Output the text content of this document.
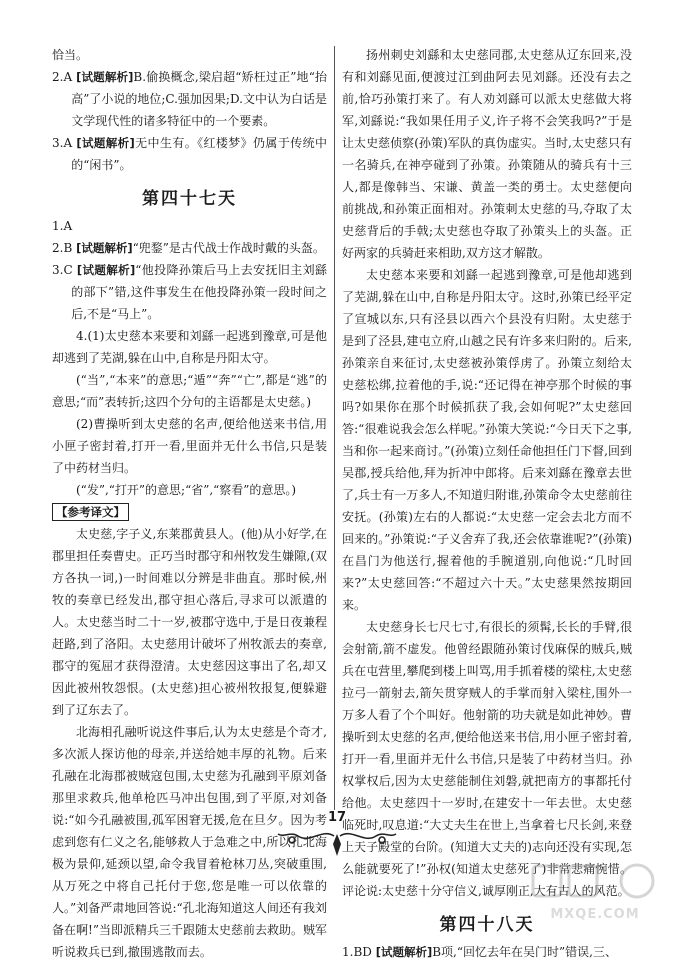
恰当。

2.A [试题解析]B.偷换概念,梁启超“矫枉过正”地“抬高”了小说的地位;C.强加因果;D.文中认为白话是文学现代性的诸多特征中的一个要素。

3.A [试题解析]无中生有。《红楼梦》仍属于传统中的“闲书”。

第四十七天

1.A

2.B [试题解析]“兜鍪”是古代战士作战时戴的头盔。

3.C [试题解析]“他投降孙策后马上去安抚旧主刘繇的部下”错,这件事发生在他投降孙策一段时间之后,不是“马上”。

4.(1)太史慈本来要和刘繇一起逃到豫章,可是他却逃到了芜湖,躲在山中,自称是丹阳太守。

(“当”,“本来”的意思;“遁”“奔”“亡”,都是“逃”的意思;“而”表转折;这四个分句的主语都是太史慈。)

(2)曹操听到太史慈的名声,便给他送来书信,用小匣子密封着,打开一看,里面并无什么书信,只是装了中药材当归。

(“发”,“打开”的意思;“省”,“察看”的意思。)

【参考译文】

太史慈,字子义,东莱郡黄县人。(他)从小好学,在郡里担任奏曹史。正巧当时郡守和州牧发生嫌隙,(双方各执一词,)一时间难以分辨是非曲直。那时候,州牧的奏章已经发出,郡守担心落后,寻求可以派遣的人。太史慈当时二十一岁,被郡守选中,于是日夜兼程赶路,到了洛阳。太史慈用计破坏了州牧派去的奏章,郡守的冤屈才获得澄清。太史慈因这事出了名,却又因此被州牧怨恨。(太史慈)担心被州牧报复,便躲避到了辽东去了。

北海相孔融听说这件事后,认为太史慈是个奇才,多次派人探访他的母亲,并送给她丰厚的礼物。后来孔融在北海郡被贼寇包围,太史慈为孔融到平原刘备那里求救兵,他单枪匹马冲出包围,到了平原,对刘备说:“如今孔融被围,孤军困窘无援,危在旦夕。因为考虑到您有仁义之名,能够救人于急难之中,所以孔北海极为景仰,延颈以望,命令我冒着枪林刀丛,突破重围,从万死之中将自己托付于您,您是唯一可以依靠的人。”刘备严肃地回答说:“孔北海知道这人间还有我刘备在啊!”当即派精兵三千跟随太史慈前去救助。贼军听说救兵已到,撤围逃散而去。

扬州刺史刘繇和太史慈同郡,太史慈从辽东回来,没有和刘繇见面,便渡过江到曲阿去见刘繇。还没有去之前,恰巧孙策打来了。有人劝刘繇可以派太史慈做大将军,刘繇说:“我如果任用子义,许子将不会笑我吗?”于是让太史慈侦察(孙策)军队的真伪虚实。当时,太史慈只有一名骑兵,在神亭碰到了孙策。孙策随从的骑兵有十三人,都是像韩当、宋谦、黄盖一类的勇士。太史慈便向前挑战,和孙策正面相对。孙策刺太史慈的马,夺取了太史慈背后的手戟;太史慈也夺取了孙策头上的头盔。正好两家的兵骑赶来相助,双方这才解散。

太史慈本来要和刘繇一起逃到豫章,可是他却逃到了芜湖,躲在山中,自称是丹阳太守。这时,孙策已经平定了宣城以东,只有泾县以西六个县没有归附。太史慈于是到了泾县,建屯立府,山越之民有许多来归附的。后来,孙策亲自来征讨,太史慈被孙策俘虏了。孙策立刻给太史慈松绑,拉着他的手,说:“还记得在神亭那个时候的事吗?如果你在那个时候抓获了我,会如何呢?”太史慈回答:“很难说我会怎么样呢。”孙策大笑说:“今日天下之事,当和你一起来商讨。”(孙策)立刻任命他担任门下督,回到吴郡,授兵给他,拜为折冲中郎将。后来刘繇在豫章去世了,兵士有一万多人,不知道归附谁,孙策命令太史慈前往安抚。(孙策)左右的人都说:“太史慈一定会去北方而不回来的。”孙策说:“子义舍弃了我,还会依靠谁呢?”(孙策)在昌门为他送行,握着他的手腕道别,向他说:“几时回来?”太史慈回答:“不超过六十天。”太史慈果然按期回来。

太史慈身长七尺七寸,有很长的须髯,长长的手臂,很会射箭,箭不虚发。他曾经跟随孙策讨伐麻保的贼兵,贼兵在屯营里,攀爬到楼上叫骂,用手抓着楼的梁柱,太史慈拉弓一箭射去,箭矢贯穿贼人的手掌而射入梁柱,围外一万多人看了个个叫好。他射箭的功夫就是如此神妙。曹操听到太史慈的名声,便给他送来书信,用小匣子密封着,打开一看,里面并无什么书信,只是装了中药材当归。孙权掌权后,因为太史慈能制住刘磐,就把南方的事都托付给他。太史慈四十一岁时,在建安十一年去世。太史慈临死时,叹息道:“大丈夫生在世上,当拿着七尺长剑,来登上天子殿堂的台阶。(知道大丈夫的)志向还没有实现,怎么能就要死了!”孙权(知道太史慈死了)非常悲痛惋惜。评论说:太史慈十分守信义,诚厚刚正,大有古人的风范。

第四十八天

1.BD [试题解析]B项,“回忆去年在吴门时”错误,三、

17
MXQE.COM
